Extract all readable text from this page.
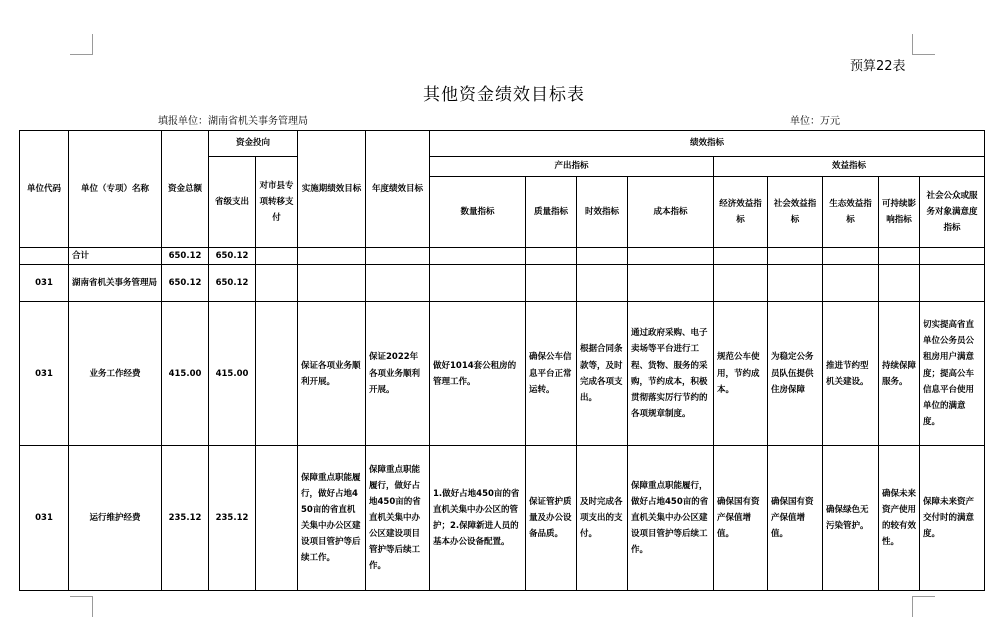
预算22表
其他资金绩效目标表
填报单位：湖南省机关事务管理局	单位：万元
单位代码	单位（专项）名称	资金总额	资金投向		实施期绩效目标	年度绩效目标	绩效指标								
			省级支出	对市县专项转移支付			产出指标				效益指标				
							数量指标	质量指标	时效指标	成本指标	经济效益指标	社会效益指标	生态效益指标	可持续影响指标	社会公众或服务对象满意度指标

	合计	650.12	650.12												
031	湖南省机关事务管理局	650.12	650.12												
031	业务工作经费	415.00	415.00		保证各项业务顺利开展。	保证2022年各项业务顺利开展。	做好1014套公租房的管理工作。	确保公车信息平台正常运转。	根据合同条款等，及时完成各项支出。	通过政府采购、电子卖场等平台进行工程、货物、服务的采购，节约成本，积极贯彻落实厉行节约的各项规章制度。	规范公车使用，节约成本。	为稳定公务员队伍提供住房保障	推进节约型机关建设。	持续保障服务。	切实提高省直单位公务员公租房用户满意度；提高公车信息平台使用单位的满意度。
031	运行维护经费	235.12	235.12		保障重点职能履行，做好占地450亩的省直机关集中办公区建设项目管护等后续工作。	保障重点职能履行，做好占地450亩的省直机关集中办公区建设项目管护等后续工作。	1.做好占地450亩的省直机关集中办公区的管护；2.保障新进人员的基本办公设备配置。	保证管护质量及办公设备品质。	及时完成各项支出的支付。	保障重点职能履行，做好占地450亩的省直机关集中办公区建设项目管护等后续工作。	确保国有资产保值增值。	确保国有资产保值增值。	确保绿色无污染管护。	确保未来资产使用的较有效性。	保障未来资产交付时的满意度。
